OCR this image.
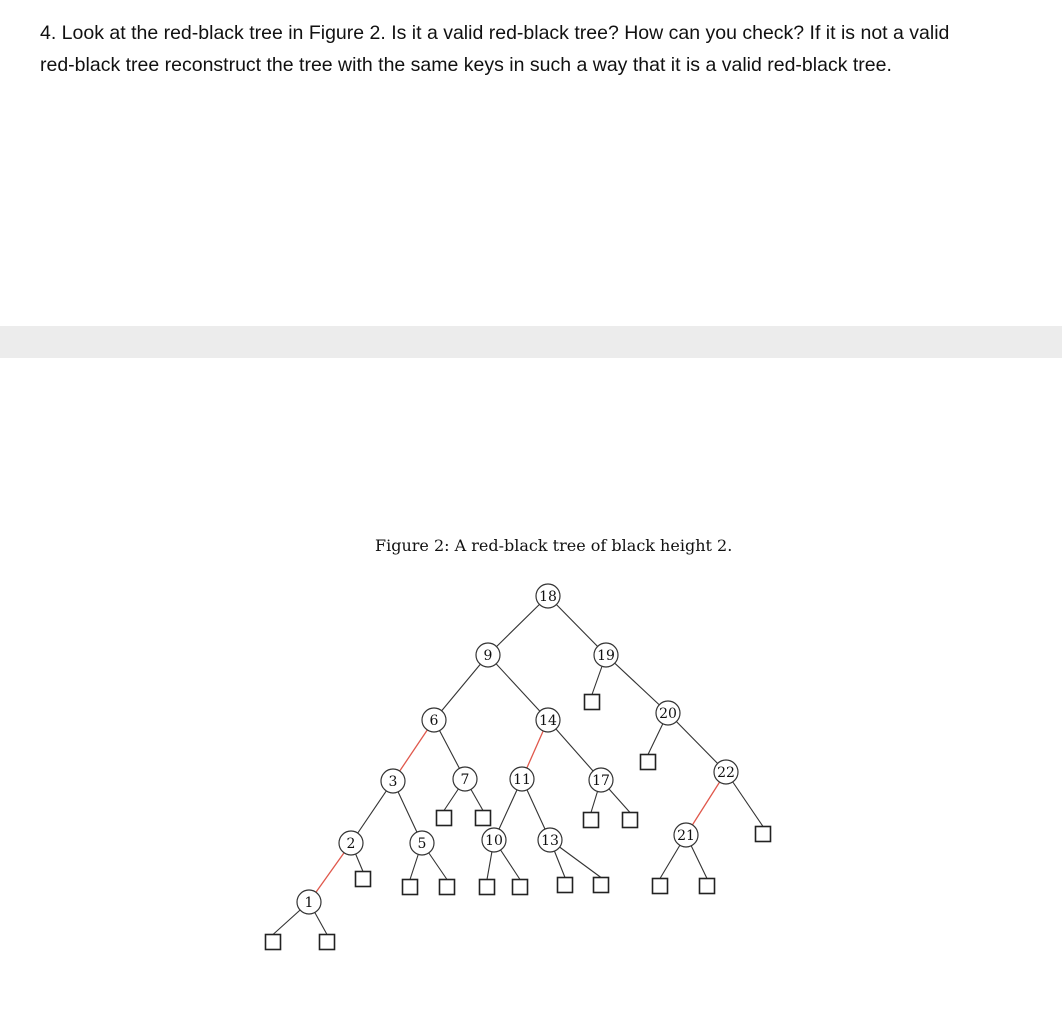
4. Look at the red-black tree in Figure 2. Is it a valid red-black tree? How can you check? If it is not a valid

red-black tree reconstruct the tree with the same keys in such a way that it is a valid red-black tree.

Figure 2: A red-black tree of black height 2.
18
9	19
6	14	20
3	7	11	17	22
2	5	10	13	21
1
